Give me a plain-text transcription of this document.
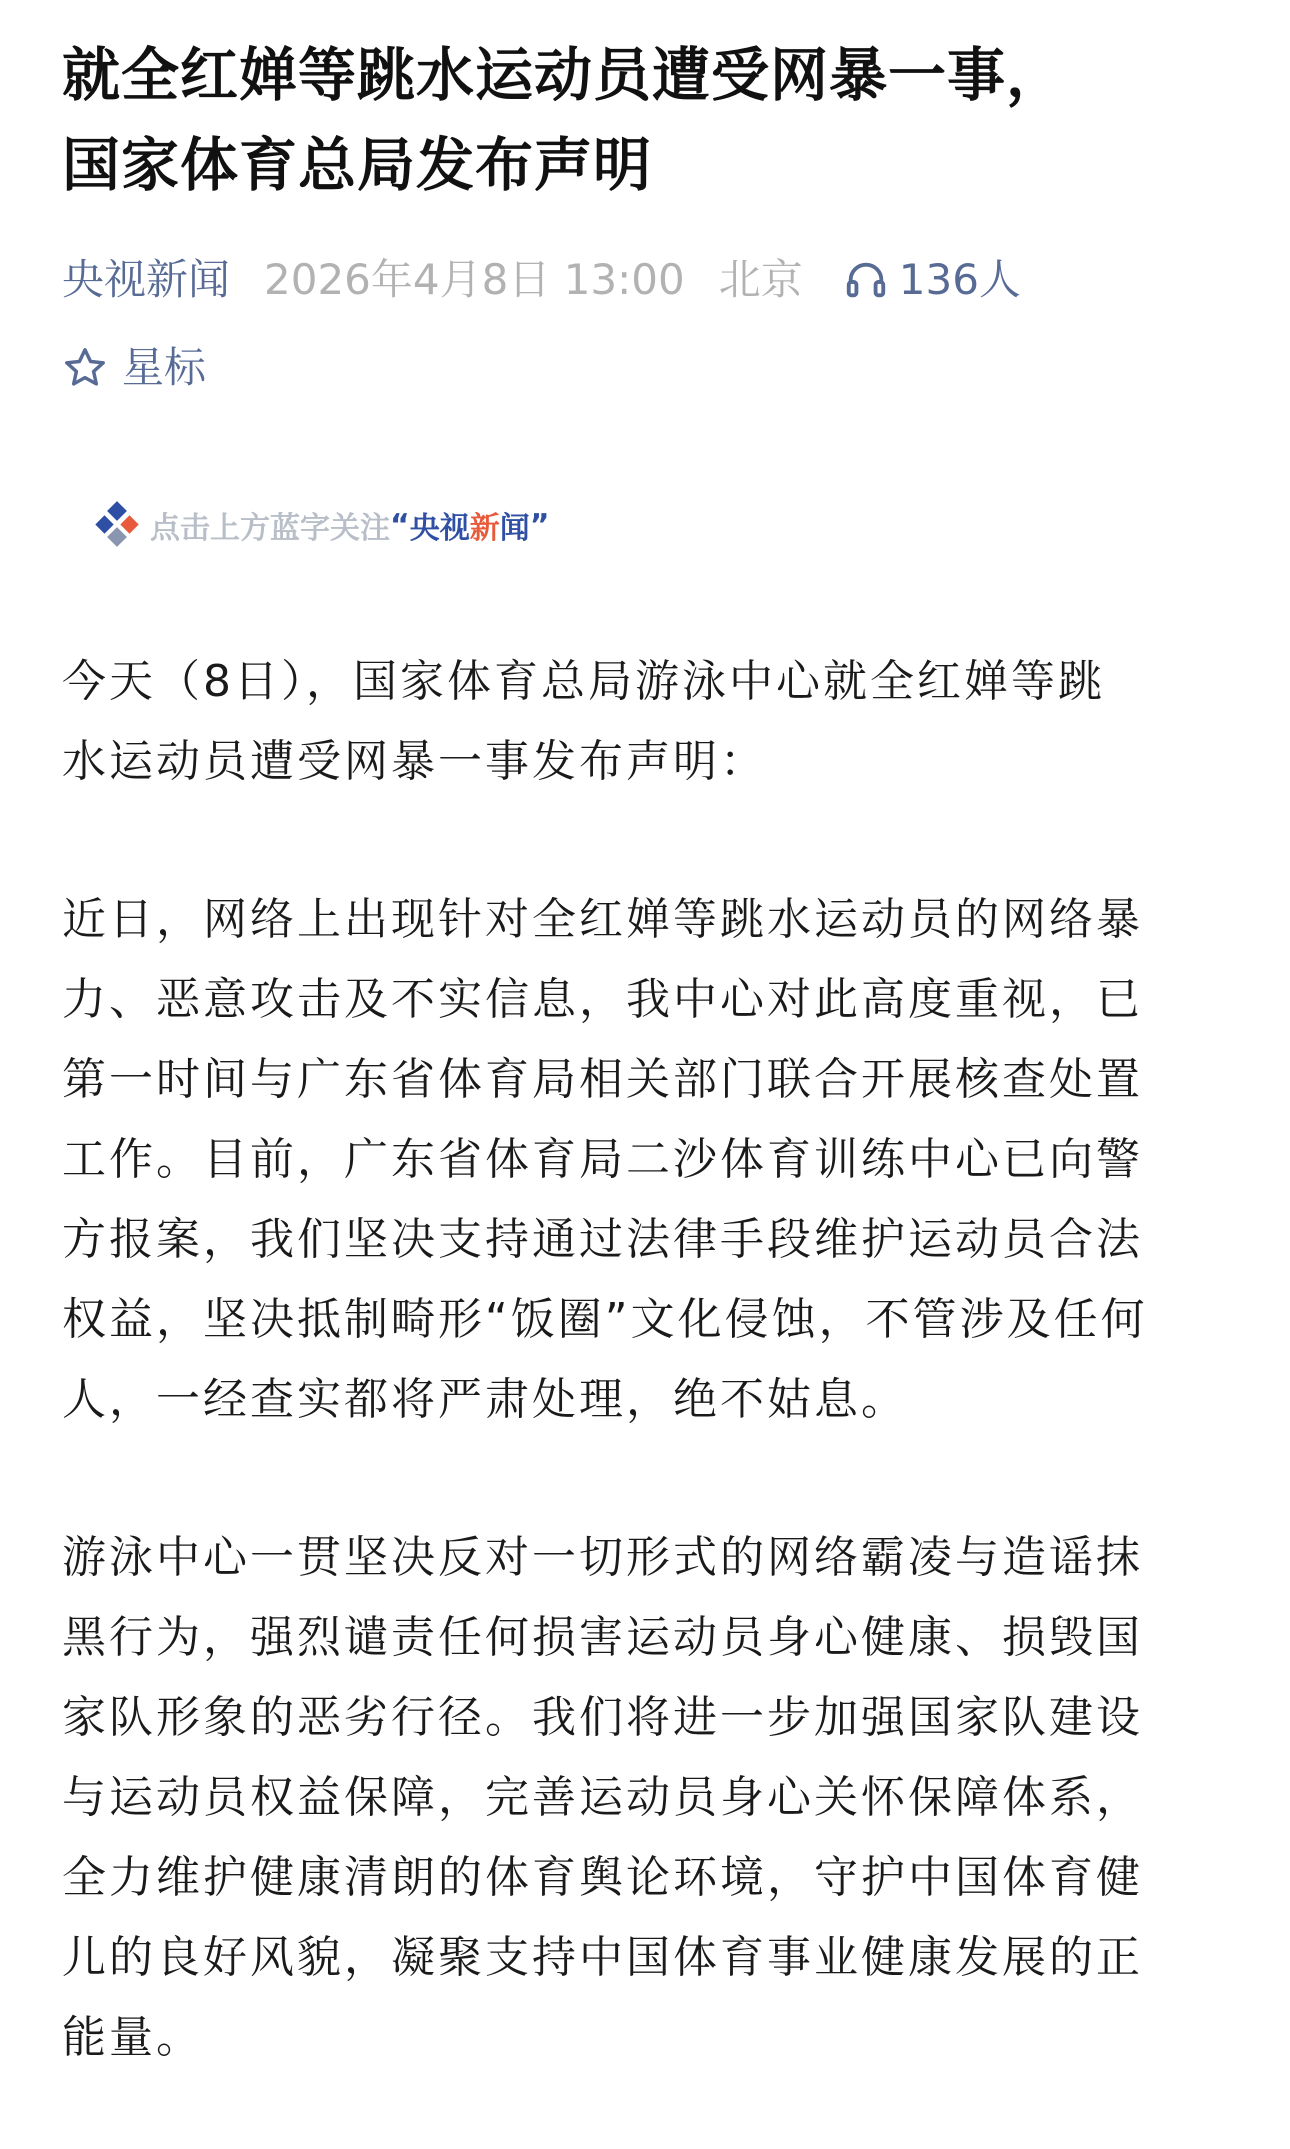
就全红婵等跳水运动员遭受网暴一事，
国家体育总局发布声明
央视新闻 2026年4月8日 13:00 北京 136人
星标
点击上方蓝字关注 “ 央视 新 闻 ”

今天（8日），国家体育总局游泳中心就全红婵等跳
水运动员遭受网暴一事发布声明：

近日，网络上出现针对全红婵等跳水运动员的网络暴
力、恶意攻击及不实信息，我中心对此高度重视，已
第一时间与广东省体育局相关部门联合开展核查处置
工作。目前，广东省体育局二沙体育训练中心已向警
方报案，我们坚决支持通过法律手段维护运动员合法
权益，坚决抵制畸形“饭圈”文化侵蚀，不管涉及任何
人，一经查实都将严肃处理，绝不姑息。

游泳中心一贯坚决反对一切形式的网络霸凌与造谣抹
黑行为，强烈谴责任何损害运动员身心健康、损毁国
家队形象的恶劣行径。我们将进一步加强国家队建设
与运动员权益保障，完善运动员身心关怀保障体系，
全力维护健康清朗的体育舆论环境，守护中国体育健
儿的良好风貌，凝聚支持中国体育事业健康发展的正
能量。
